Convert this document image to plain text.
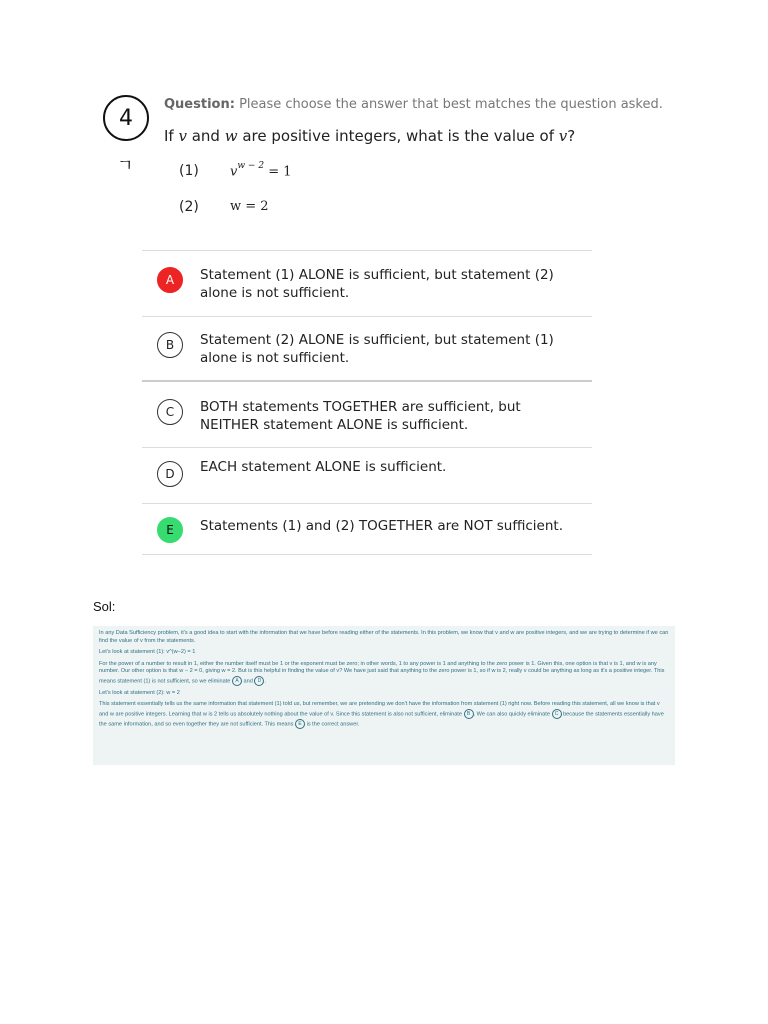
4
ㄱ
Question: Please choose the answer that best matches the question asked.
If v and w are positive integers, what is the value of v?
(1) $v^{w - 2} = 1$
(2) w = 2
A	Statement (1) ALONE is sufficient, but statement (2) alone is not sufficient.
B	Statement (2) ALONE is sufficient, but statement (1) alone is not sufficient.
C	BOTH statements TOGETHER are sufficient, but NEITHER statement ALONE is sufficient.
D	EACH statement ALONE is sufficient.
E	Statements (1) and (2) TOGETHER are NOT sufficient.
Sol:

In any Data Sufficiency problem, it's a good idea to start with the information that we have before reading either of the statements. In this problem, we know that v and w are positive integers, and we are trying to determine if we can find the value of v from the statements.

Let's look at statement (1): v^(w−2) = 1

For the power of a number to result in 1, either the number itself must be 1 or the exponent must be zero; in other words, 1 to any power is 1 and anything to the zero power is 1. Given this, one option is that v is 1, and w is any number. Our other option is that w − 2 = 0, giving w = 2. But is this helpful in finding the value of v? We have just said that anything to the zero power is 1, so if w is 2, really v could be anything as long as it's a positive integer. This means statement (1) is not sufficient, so we eliminate A and D .

Let's look at statement (2): w = 2

This statement essentially tells us the same information that statement (1) told us, but remember, we are pretending we don't have the information from statement (1) right now. Before reading this statement, all we know is that v and w are positive integers. Learning that w is 2 tells us absolutely nothing about the value of v. Since this statement is also not sufficient, eliminate B . We can also quickly eliminate C because the statements essentially have the same information, and so even together they are not sufficient. This means E is the correct answer.
